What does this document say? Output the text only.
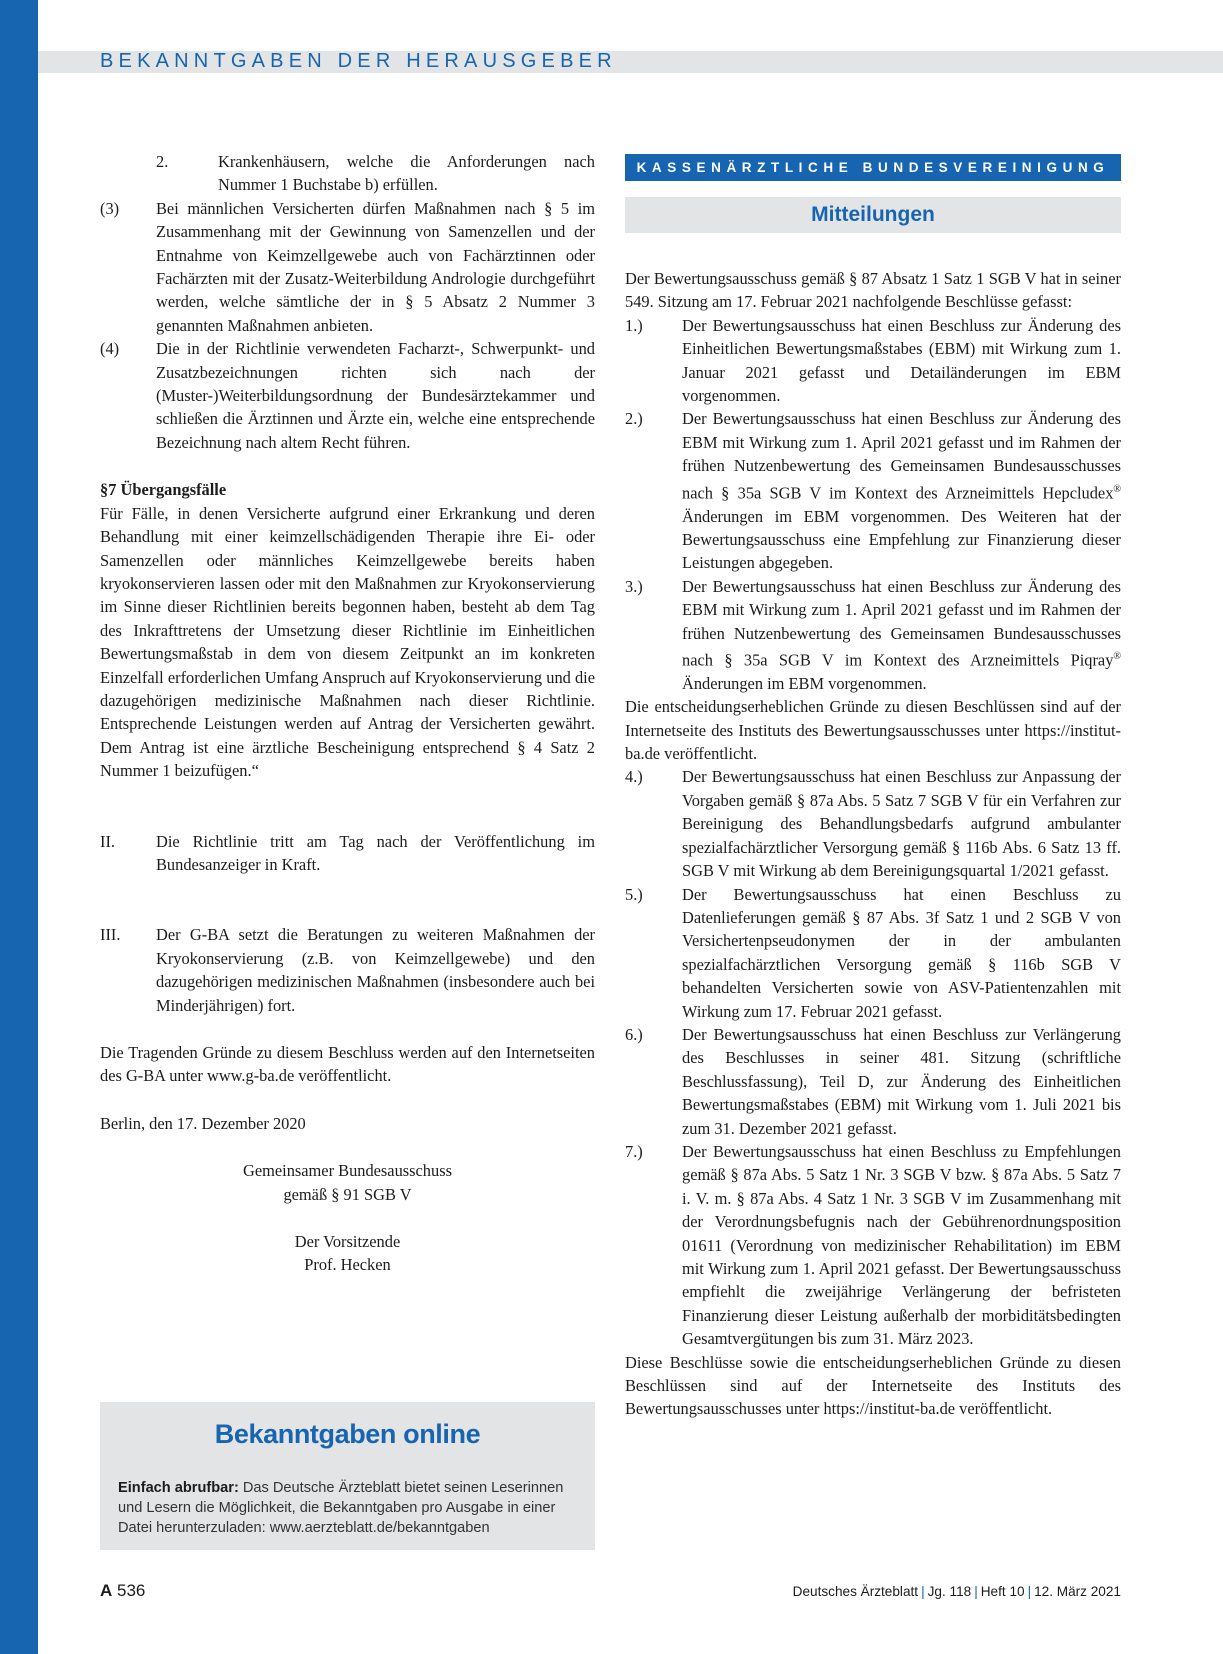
BEKANNTGABEN DER HERAUSGEBER
2.	Krankenhäusern, welche die Anforderungen nach Nummer 1 Buchstabe b) erfüllen.
(3)	Bei männlichen Versicherten dürfen Maßnahmen nach § 5 im Zusammenhang mit der Gewinnung von Samenzellen und der Entnahme von Keimzellgewebe auch von Fachärztinnen oder Fachärzten mit der Zusatz-Weiterbildung Andrologie durchgeführt werden, welche sämtliche der in § 5 Absatz 2 Nummer 3 genannten Maßnahmen anbieten.
(4)	Die in der Richtlinie verwendeten Facharzt-, Schwerpunkt- und Zusatzbezeichnungen richten sich nach der (Muster-)Weiterbildungsordnung der Bundesärztekammer und schließen die Ärztinnen und Ärzte ein, welche eine entsprechende Bezeichnung nach altem Recht führen.
§7 Übergangsfälle
Für Fälle, in denen Versicherte aufgrund einer Erkrankung und deren Behandlung mit einer keimzellschädigenden Therapie ihre Ei- oder Samenzellen oder männliches Keimzellgewebe bereits haben kryokonservieren lassen oder mit den Maßnahmen zur Kryokonservierung im Sinne dieser Richtlinien bereits begonnen haben, besteht ab dem Tag des Inkrafttretens der Umsetzung dieser Richtlinie im Einheitlichen Bewertungsmaßstab in dem von diesem Zeitpunkt an im konkreten Einzelfall erforderlichen Umfang Anspruch auf Kryokonservierung und die dazugehörigen medizinische Maßnahmen nach dieser Richtlinie. Entsprechende Leistungen werden auf Antrag der Versicherten gewährt. Dem Antrag ist eine ärztliche Bescheinigung entsprechend § 4 Satz 2 Nummer 1 beizufügen.“
II.	Die Richtlinie tritt am Tag nach der Veröffentlichung im Bundesanzeiger in Kraft.
III.	Der G-BA setzt die Beratungen zu weiteren Maßnahmen der Kryokonservierung (z.B. von Keimzellgewebe) und den dazugehörigen medizinischen Maßnahmen (insbesondere auch bei Minderjährigen) fort.
Die Tragenden Gründe zu diesem Beschluss werden auf den Internetseiten des G-BA unter www.g-ba.de veröffentlicht.
Berlin, den 17. Dezember 2020
Gemeinsamer Bundesausschuss
gemäß § 91 SGB V
Der Vorsitzende
Prof. Hecken
Bekanntgaben online
Einfach abrufbar: Das Deutsche Ärzteblatt bietet seinen Leserinnen und Lesern die Möglichkeit, die Bekanntgaben pro Ausgabe in einer Datei herunterzuladen: www.aerzteblatt.de/bekanntgaben
KASSENÄRZTLICHE BUNDESVEREINIGUNG
Mitteilungen
Der Bewertungsausschuss gemäß § 87 Absatz 1 Satz 1 SGB V hat in seiner 549. Sitzung am 17. Februar 2021 nachfolgende Beschlüsse gefasst:
1.)	Der Bewertungsausschuss hat einen Beschluss zur Änderung des Einheitlichen Bewertungsmaßstabes (EBM) mit Wirkung zum 1. Januar 2021 gefasst und Detailänderungen im EBM vorgenommen.
2.)	Der Bewertungsausschuss hat einen Beschluss zur Änderung des EBM mit Wirkung zum 1. April 2021 gefasst und im Rahmen der frühen Nutzenbewertung des Gemeinsamen Bundesausschusses nach § 35a SGB V im Kontext des Arzneimittels Hepcludex® Änderungen im EBM vorgenommen. Des Weiteren hat der Bewertungsausschuss eine Empfehlung zur Finanzierung dieser Leistungen abgegeben.
3.)	Der Bewertungsausschuss hat einen Beschluss zur Änderung des EBM mit Wirkung zum 1. April 2021 gefasst und im Rahmen der frühen Nutzenbewertung des Gemeinsamen Bundesausschusses nach § 35a SGB V im Kontext des Arzneimittels Piqray® Änderungen im EBM vorgenommen.
Die entscheidungserheblichen Gründe zu diesen Beschlüssen sind auf der Internetseite des Instituts des Bewertungsausschusses unter https://institut-ba.de veröffentlicht.
4.)	Der Bewertungsausschuss hat einen Beschluss zur Anpassung der Vorgaben gemäß § 87a Abs. 5 Satz 7 SGB V für ein Verfahren zur Bereinigung des Behandlungsbedarfs aufgrund ambulanter spezialfachärztlicher Versorgung gemäß § 116b Abs. 6 Satz 13 ff. SGB V mit Wirkung ab dem Bereinigungsquartal 1/2021 gefasst.
5.)	Der Bewertungsausschuss hat einen Beschluss zu Datenlieferungen gemäß § 87 Abs. 3f Satz 1 und 2 SGB V von Versichertenpseudonymen der in der ambulanten spezialfachärztlichen Versorgung gemäß § 116b SGB V behandelten Versicherten sowie von ASV-Patientenzahlen mit Wirkung zum 17. Februar 2021 gefasst.
6.)	Der Bewertungsausschuss hat einen Beschluss zur Verlängerung des Beschlusses in seiner 481. Sitzung (schriftliche Beschlussfassung), Teil D, zur Änderung des Einheitlichen Bewertungsmaßstabes (EBM) mit Wirkung vom 1. Juli 2021 bis zum 31. Dezember 2021 gefasst.
7.)	Der Bewertungsausschuss hat einen Beschluss zu Empfehlungen gemäß § 87a Abs. 5 Satz 1 Nr. 3 SGB V bzw. § 87a Abs. 5 Satz 7 i. V. m. § 87a Abs. 4 Satz 1 Nr. 3 SGB V im Zusammenhang mit der Verordnungsbefugnis nach der Gebührenordnungsposition 01611 (Verordnung von medizinischer Rehabilitation) im EBM mit Wirkung zum 1. April 2021 gefasst. Der Bewertungsausschuss empfiehlt die zweijährige Verlängerung der befristeten Finanzierung dieser Leistung außerhalb der morbiditätsbedingten Gesamtvergütungen bis zum 31. März 2023.
Diese Beschlüsse sowie die entscheidungserheblichen Gründe zu diesen Beschlüssen sind auf der Internetseite des Instituts des Bewertungsausschusses unter https://institut-ba.de veröffentlicht.
A 536	Deutsches Ärzteblatt | Jg. 118 | Heft 10 | 12. März 2021
